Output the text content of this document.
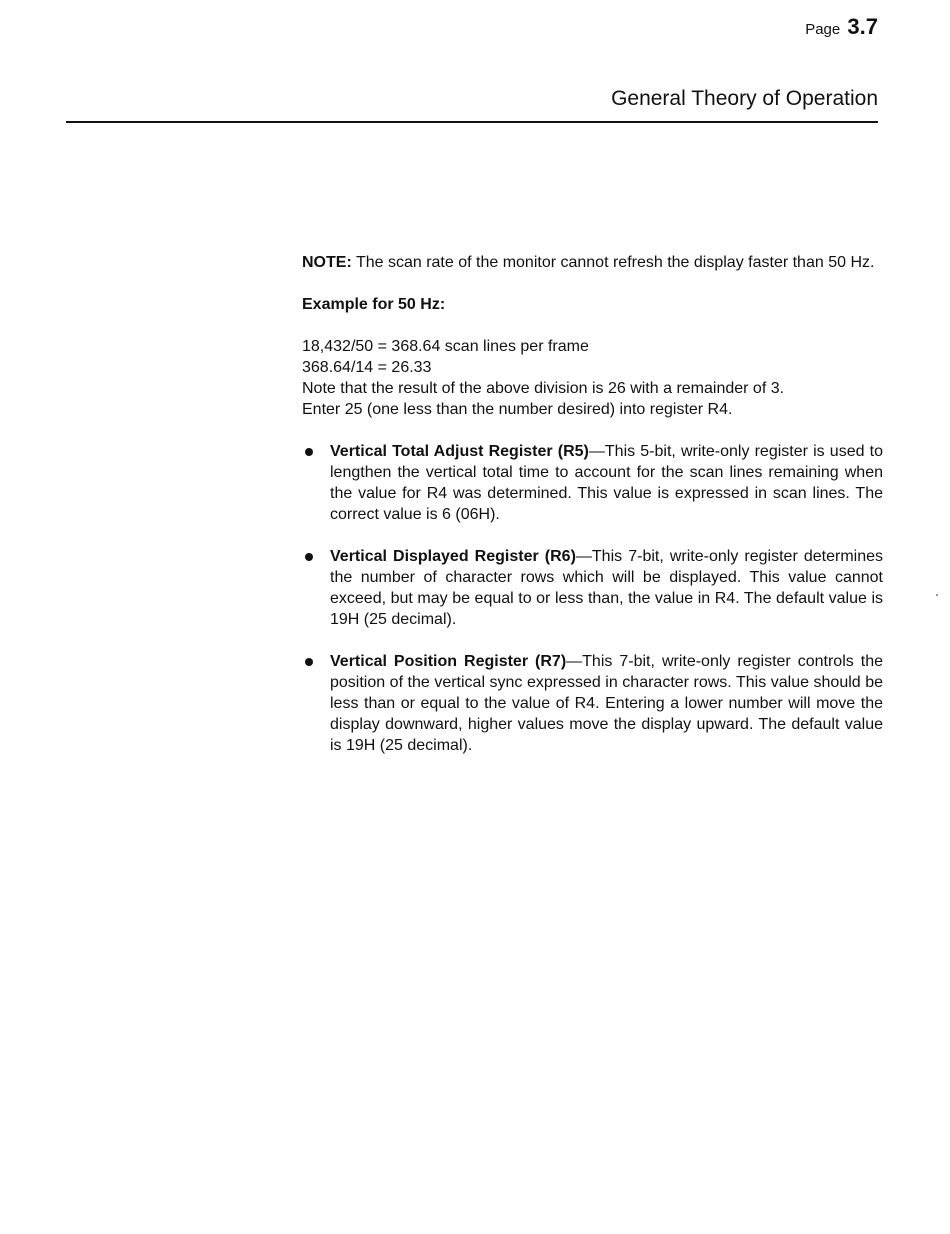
Page 3.7
General Theory of Operation

NOTE: The scan rate of the monitor cannot refresh the display faster than 50 Hz.

Example for 50 Hz:

18,432/50 = 368.64 scan lines per frame
368.64/14 = 26.33
Note that the result of the above division is 26 with a remainder of 3.
Enter 25 (one less than the number desired) into register R4.
Vertical Total Adjust Register (R5)—This 5-bit, write-only register is used to lengthen the vertical total time to account for the scan lines remaining when the value for R4 was determined. This value is expressed in scan lines. The correct value is 6 (06H).
Vertical Displayed Register (R6)—This 7-bit, write-only register determines the number of character rows which will be displayed. This value cannot exceed, but may be equal to or less than, the value in R4. The default value is 19H (25 decimal).
Vertical Position Register (R7)—This 7-bit, write-only register controls the position of the vertical sync expressed in character rows. This value should be less than or equal to the value of R4. Entering a lower number will move the display downward, higher values move the display upward. The default value is 19H (25 decimal).
